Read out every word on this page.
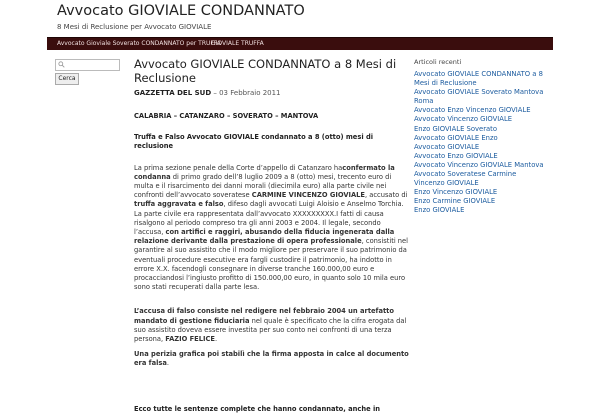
Avvocato GIOVIALE CONDANNATO
8 Mesi di Reclusione per Avvocato GIOVIALE
Avvocato Gioviale Soverato CONDANNATO per TRUFFA
GIOVIALE TRUFFA
Cerca
Avvocato GIOVIALE CONDANNATO a 8 Mesi di Reclusione
GAZZETTA DEL SUD – 03 Febbraio 2011
CALABRIA – CATANZARO – SOVERATO – MANTOVA
Truffa e Falso Avvocato GIOVIALE condannato a 8 (otto) mesi di reclusione
La prima sezione penale della Corte d’appello di Catanzaro haconfermato la condanna di primo grado dell’8 luglio 2009 a 8 (otto) mesi, trecento euro di multa e il risarcimento dei danni morali (diecimila euro) alla parte civile nei confronti dell’avvocato soveratese CARMINE VINCENZO GIOVIALE, accusato di truffa aggravata e falso, difeso dagli avvocati Luigi Aloisio e Anselmo Torchia. La parte civile era rappresentata dall’avvocato XXXXXXXXX.I fatti di causa risalgono al periodo compreso tra gli anni 2003 e 2004. Il legale, secondo l’accusa, con artifici e raggiri, abusando della fiducia ingenerata dalla relazione derivante dalla prestazione di opera professionale, consistiti nel garantire al suo assistito che il modo migliore per preservare il suo patrimonio da eventuali procedure esecutive era fargli custodire il patrimonio, ha indotto in errore X.X. facendogli consegnare in diverse tranche 160.000,00 euro e procacciandosi l’ingiusto profitto di 150.000,00 euro, in quanto solo 10 mila euro sono stati recuperati dalla parte lesa.
L’accusa di falso consiste nel redigere nel febbraio 2004 un artefatto mandato di gestione fiduciaria nel quale è specificato che la cifra erogata dal suo assistito doveva essere investita per suo conto nei confronti di una terza persona, FAZIO FELICE.
Una perizia grafica poi stabilì che la firma apposta in calce al documento era falsa.
Ecco tutte le sentenze complete che hanno condannato, anche in
Articoli recenti
Avvocato GIOVIALE CONDANNATO a 8 Mesi di Reclusione
Avvocato GIOVIALE Soverato Mantova Roma
Avvocato Enzo Vincenzo GIOVIALE
Avvocato Vincenzo GIOVIALE
Enzo GIOVIALE Soverato
Avvocato GIOVIALE Enzo
Avvocato GIOVIALE
Avvocato Enzo GIOVIALE
Avvocato Vincenzo GIOVIALE Mantova
Avvocato Soveratese Carmine Vincenzo GIOVIALE
Enzo Vincenzo GIOVIALE
Enzo Carmine GIOVIALE
Enzo GIOVIALE
